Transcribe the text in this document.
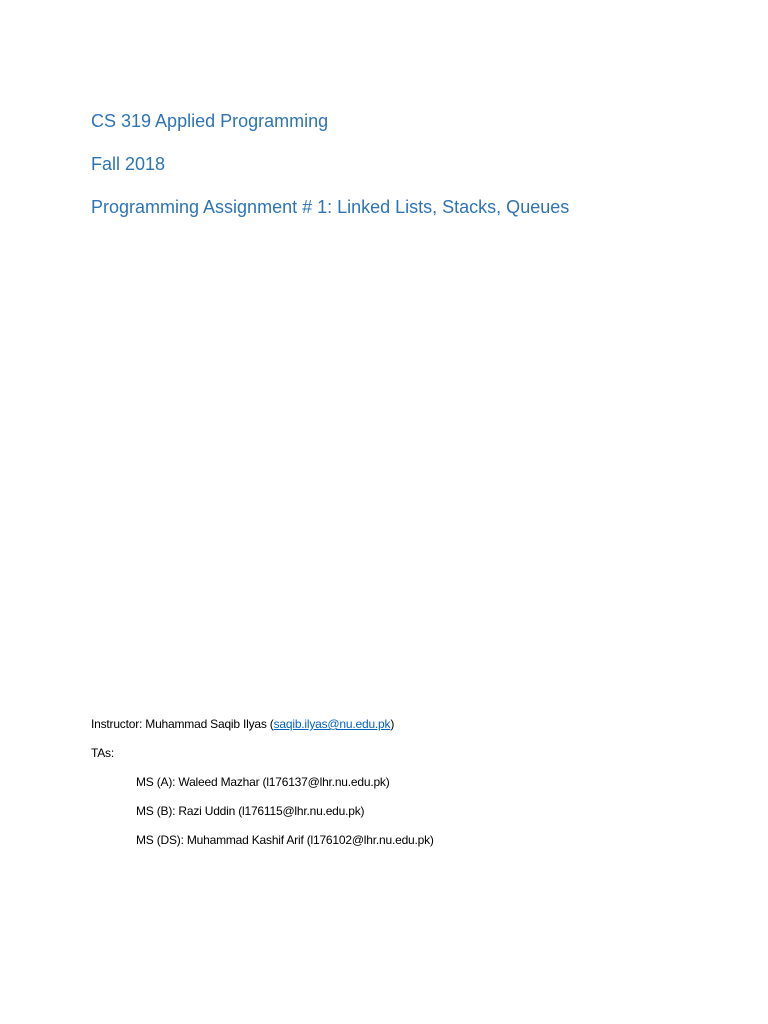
CS 319 Applied Programming
Fall 2018
Programming Assignment # 1: Linked Lists, Stacks, Queues
Instructor: Muhammad Saqib Ilyas (saqib.ilyas@nu.edu.pk)
TAs:
MS (A): Waleed Mazhar (l176137@lhr.nu.edu.pk)
MS (B): Razi Uddin (l176115@lhr.nu.edu.pk)
MS (DS): Muhammad Kashif Arif (l176102@lhr.nu.edu.pk)
